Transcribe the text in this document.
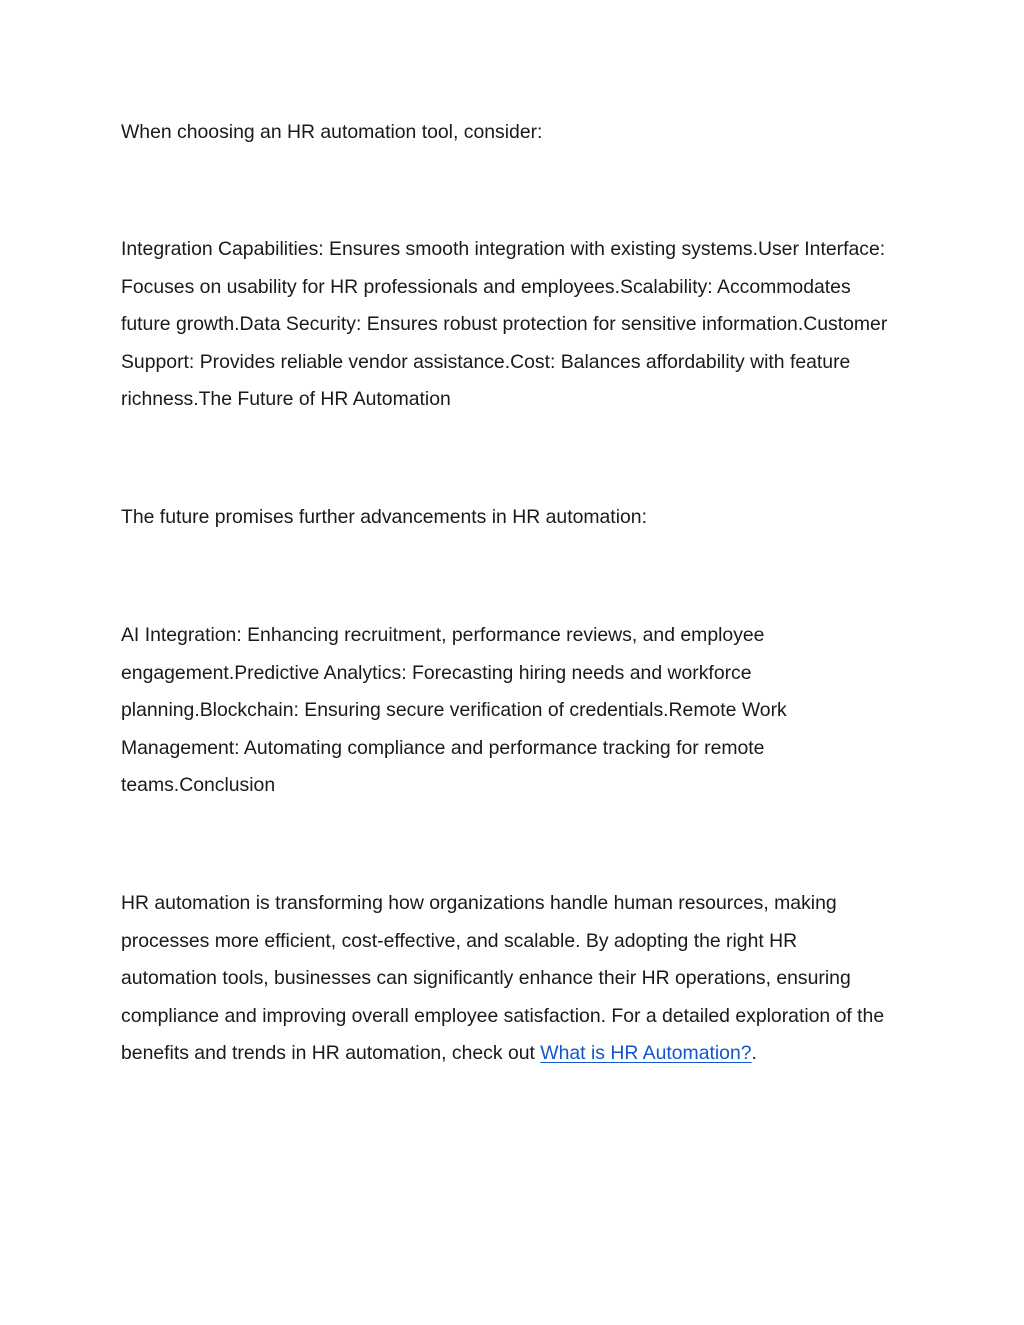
When choosing an HR automation tool, consider:

Integration Capabilities: Ensures smooth integration with existing systems.User Interface: Focuses on usability for HR professionals and employees.Scalability: Accommodates future growth.Data Security: Ensures robust protection for sensitive information.Customer Support: Provides reliable vendor assistance.Cost: Balances affordability with feature richness.The Future of HR Automation

The future promises further advancements in HR automation:

AI Integration: Enhancing recruitment, performance reviews, and employee engagement.Predictive Analytics: Forecasting hiring needs and workforce planning.Blockchain: Ensuring secure verification of credentials.Remote Work Management: Automating compliance and performance tracking for remote teams.Conclusion

HR automation is transforming how organizations handle human resources, making processes more efficient, cost-effective, and scalable. By adopting the right HR automation tools, businesses can significantly enhance their HR operations, ensuring compliance and improving overall employee satisfaction. For a detailed exploration of the benefits and trends in HR automation, check out What is HR Automation?.
